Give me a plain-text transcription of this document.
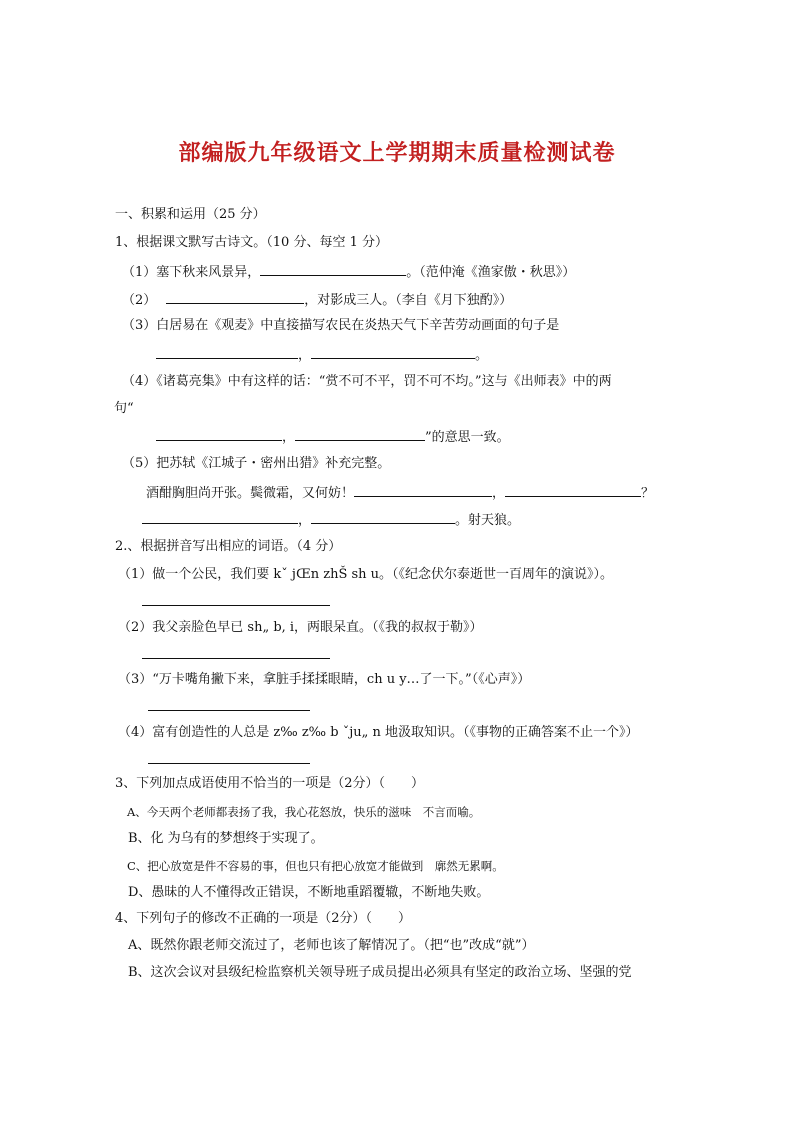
部编版九年级语文上学期期末质量检测试卷
一、积累和运用（25 分）
1、根据课文默写古诗文。（10 分、每空 1 分）
（1）塞下秋来风景异，	。（范仲淹《渔家傲・秋思》）
（2）	，对影成三人。（李自《月下独酌》）
（3）白居易在《观麦》中直接描写农民在炎热天气下辛苦劳动画面的句子是
，	。
（4）《诸葛亮集》中有这样的话：“赏不可不平，罚不可不均。”这与《出师表》中的两
句“
，	”的意思一致。
（5）把苏轼《江城子・密州出猎》补充完整。
酒酣胸胆尚开张。鬓微霜，又何妨！	，	？
，	。射天狼。
2.、根据拼音写出相应的词语。（4 分）
（1）做一个公民，我们要 kˇ jŒn zhŠ sh u。（《纪念伏尔泰逝世一百周年的演说》）。
（2）我父亲脸色早已 sh„ b, i，两眼呆直。（《我的叔叔于勒》）
（3）“万卡嘴角撇下来，拿脏手揉揉眼睛，ch u y…了一下。”（《心声》）
（4）富有创造性的人总是 z‰ z‰ b ˇju„ n 地汲取知识。（《事物的正确答案不止一个》）
3、下列加点成语使用不恰当的一项是（2分）（　　）
A、今天两个老师都表扬了我，我心花怒放，快乐的滋味　不言而喻。
B、化 为乌有的梦想终于实现了。
C、把心放宽是件不容易的事，但也只有把心放宽才能做到　廓然无累啊。
D、愚昧的人不懂得改正错误，不断地重蹈覆辙，不断地失败。
4、下列句子的修改不正确的一项是（2分）（　　）
A、既然你跟老师交流过了，老师也该了解情况了。（把“也”改成“就”）
B、这次会议对县级纪检监察机关领导班子成员提出必须具有坚定的政治立场、坚强的党
